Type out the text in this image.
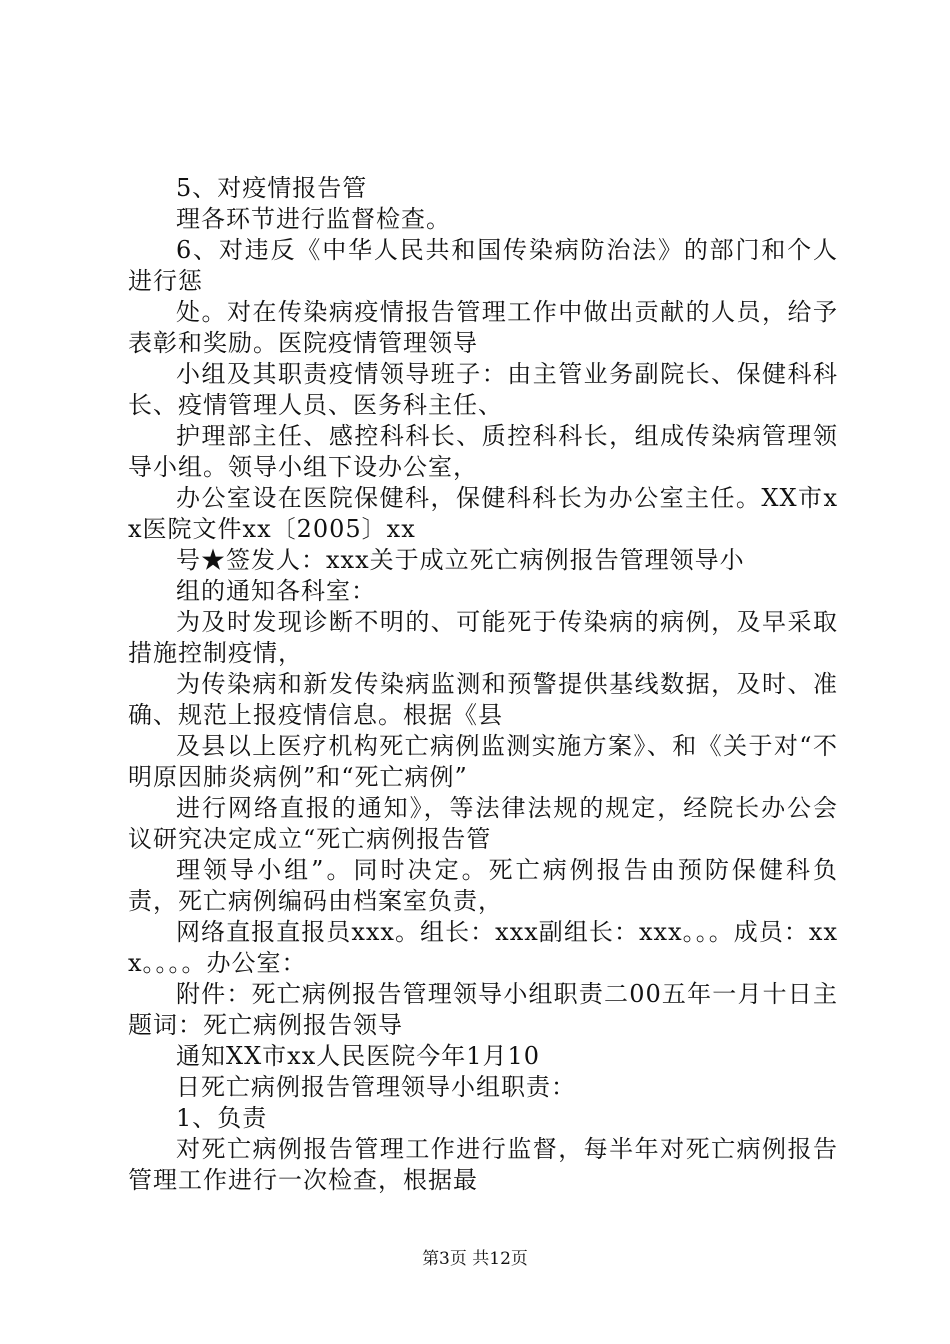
5、对疫情报告管

理各环节进行监督检查。

6、对违反《中华人民共和国传染病防治法》的部门和个人进行惩

处。对在传染病疫情报告管理工作中做出贡献的人员，给予表彰和奖励。医院疫情管理领导

小组及其职责疫情领导班子：由主管业务副院长、保健科科长、疫情管理人员、医务科主任、

护理部主任、感控科科长、质控科科长，组成传染病管理领导小组。领导小组下设办公室，

办公室设在医院保健科，保健科科长为办公室主任。XX市xx医院文件xx〔2005〕xx

号★签发人：xxx关于成立死亡病例报告管理领导小

组的通知各科室：

为及时发现诊断不明的、可能死于传染病的病例，及早采取措施控制疫情，

为传染病和新发传染病监测和预警提供基线数据，及时、准确、规范上报疫情信息。根据《县

及县以上医疗机构死亡病例监测实施方案》、和《关于对“不明原因肺炎病例”和“死亡病例”

进行网络直报的通知》，等法律法规的规定，经院长办公会议研究决定成立“死亡病例报告管

理领导小组”。同时决定。死亡病例报告由预防保健科负责，死亡病例编码由档案室负责，

网络直报直报员xxx。组长：xxx副组长：xxx。。。成员：xxx。。。。办公室：

附件：死亡病例报告管理领导小组职责二00五年一月十日主题词：死亡病例报告领导

通知XX市xx人民医院今年1月10

日死亡病例报告管理领导小组职责：

1、负责

对死亡病例报告管理工作进行监督，每半年对死亡病例报告管理工作进行一次检查，根据最

第3页 共12页
